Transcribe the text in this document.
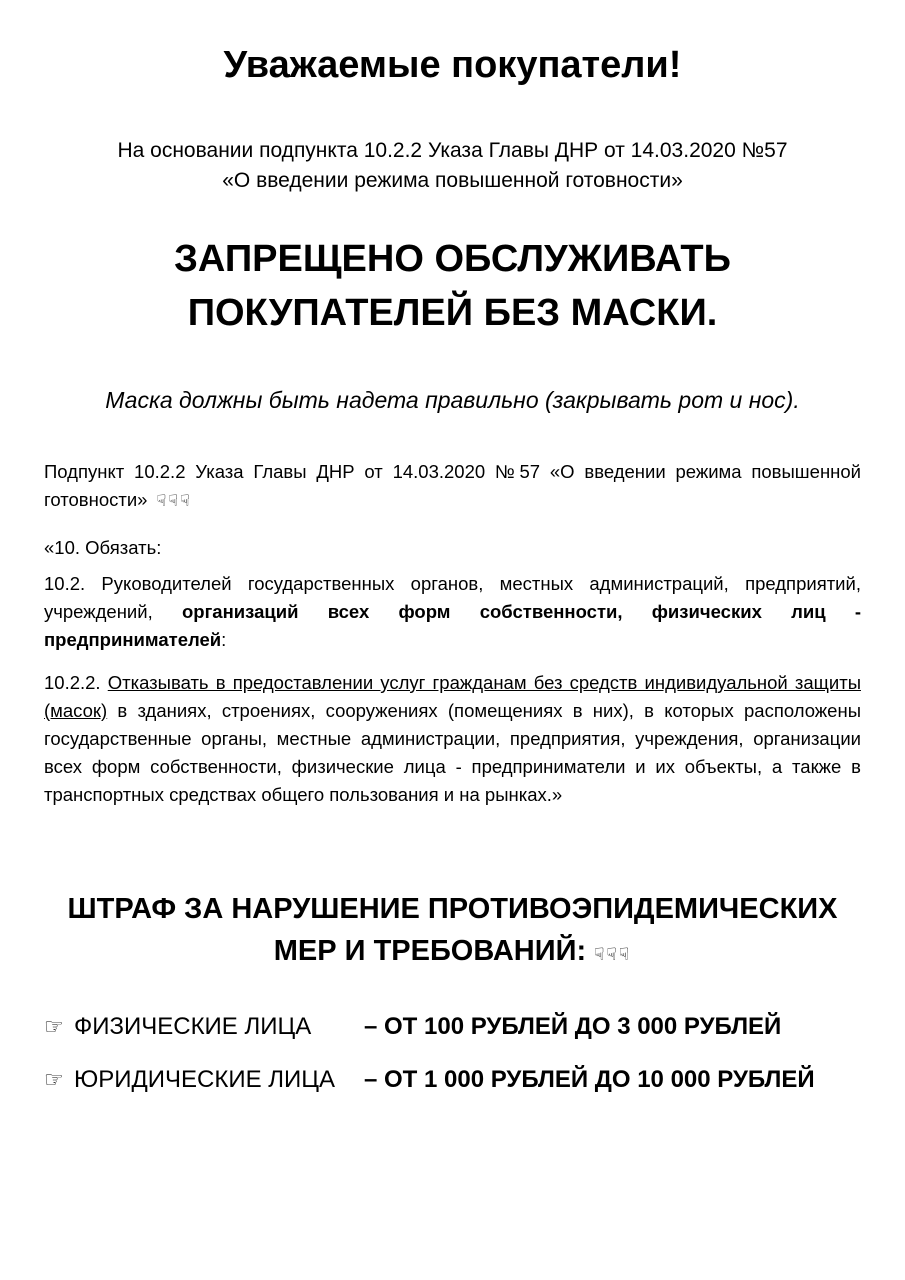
Уважаемые покупатели!
На основании подпункта 10.2.2 Указа Главы ДНР от 14.03.2020 №57
«О введении режима повышенной готовности»
ЗАПРЕЩЕНО ОБСЛУЖИВАТЬ
ПОКУПАТЕЛЕЙ БЕЗ МАСКИ.
Маска должны быть надета правильно (закрывать рот и нос).
Подпункт 10.2.2 Указа Главы ДНР от 14.03.2020 №57 «О введении режима повышенной готовности» ☟☟☟
«10. Обязать:
10.2. Руководителей государственных органов, местных администраций, предприятий, учреждений, организаций всех форм собственности, физических лиц - предпринимателей:
10.2.2. Отказывать в предоставлении услуг гражданам без средств индивидуальной защиты (масок) в зданиях, строениях, сооружениях (помещениях в них), в которых расположены государственные органы, местные администрации, предприятия, учреждения, организации всех форм собственности, физические лица - предприниматели и их объекты, а также в транспортных средствах общего пользования и на рынках.»
ШТРАФ ЗА НАРУШЕНИЕ ПРОТИВОЭПИДЕМИЧЕСКИХ
МЕР И ТРЕБОВАНИЙ: ☟☟☟
☞ ФИЗИЧЕСКИЕ ЛИЦА – ОТ 100 РУБЛЕЙ ДО 3 000 РУБЛЕЙ
☞ ЮРИДИЧЕСКИЕ ЛИЦА – ОТ 1 000 РУБЛЕЙ ДО 10 000 РУБЛЕЙ
